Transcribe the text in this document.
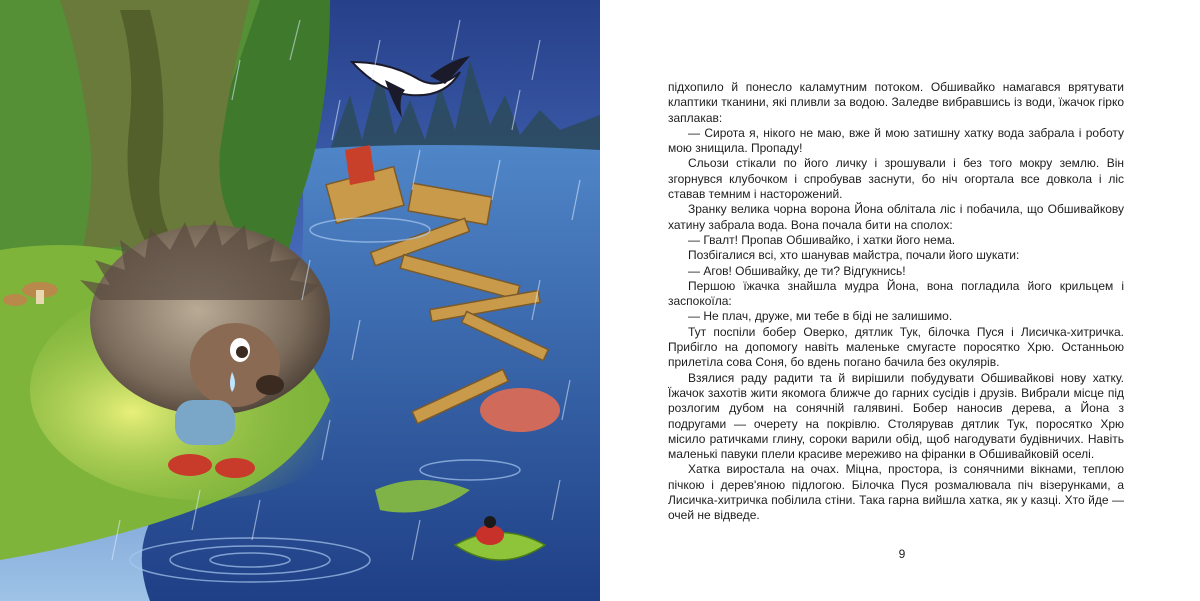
підхопило й понесло каламутним потоком. Обшивайко намагався врятувати клаптики тканини, які пливли за водою. Заледве вибравшись із води, їжачок гірко заплакав:

— Сирота я, нікого не маю, вже й мою затишну хатку вода забрала і роботу мою знищила. Пропаду!

Сльози стікали по його личку і зрошували і без того мокру землю. Він згорнувся клубочком і спробував заснути, бо ніч огортала все довкола і ліс ставав темним і насторожений.

Зранку велика чорна ворона Йона облітала ліс і побачила, що Обшивайкову хатину забрала вода. Вона почала бити на сполох:

— Гвалт! Пропав Обшивайко, і хатки його нема.

Позбігалися всі, хто шанував майстра, почали його шукати:

— Агов! Обшивайку, де ти? Відгукнись!

Першою їжачка знайшла мудра Йона, вона погладила його крильцем і заспокоїла:

— Не плач, друже, ми тебе в біді не залишимо.

Тут поспіли бобер Оверко, дятлик Тук, білочка Пуся і Лисичка-хитричка. Прибігло на допомогу навіть маленьке смугасте поросятко Хрю. Останньою прилетіла сова Соня, бо вдень погано бачила без окулярів.

Взялися раду радити та й вирішили побудувати Обшивайкові нову хатку. Їжачок захотів жити якомога ближче до гарних сусідів і друзів. Вибрали місце під розлогим дубом на сонячній галявині. Бобер наносив дерева, а Йона з подругами — очерету на покрівлю. Столярував дятлик Тук, поросятко Хрю місило ратичками глину, сороки варили обід, щоб нагодувати будівничих. Навіть маленькі павуки плели красиве мереживо на фіранки в Обшивайковій оселі.

Хатка виростала на очах. Міцна, простора, із сонячними вікнами, теплою пічкою і дерев'яною підлогою. Білочка Пуся розмалювала піч візерунками, а Лисичка-хитричка побілила стіни. Така гарна вийшла хатка, як у казці. Хто йде — очей не відведе.

9
